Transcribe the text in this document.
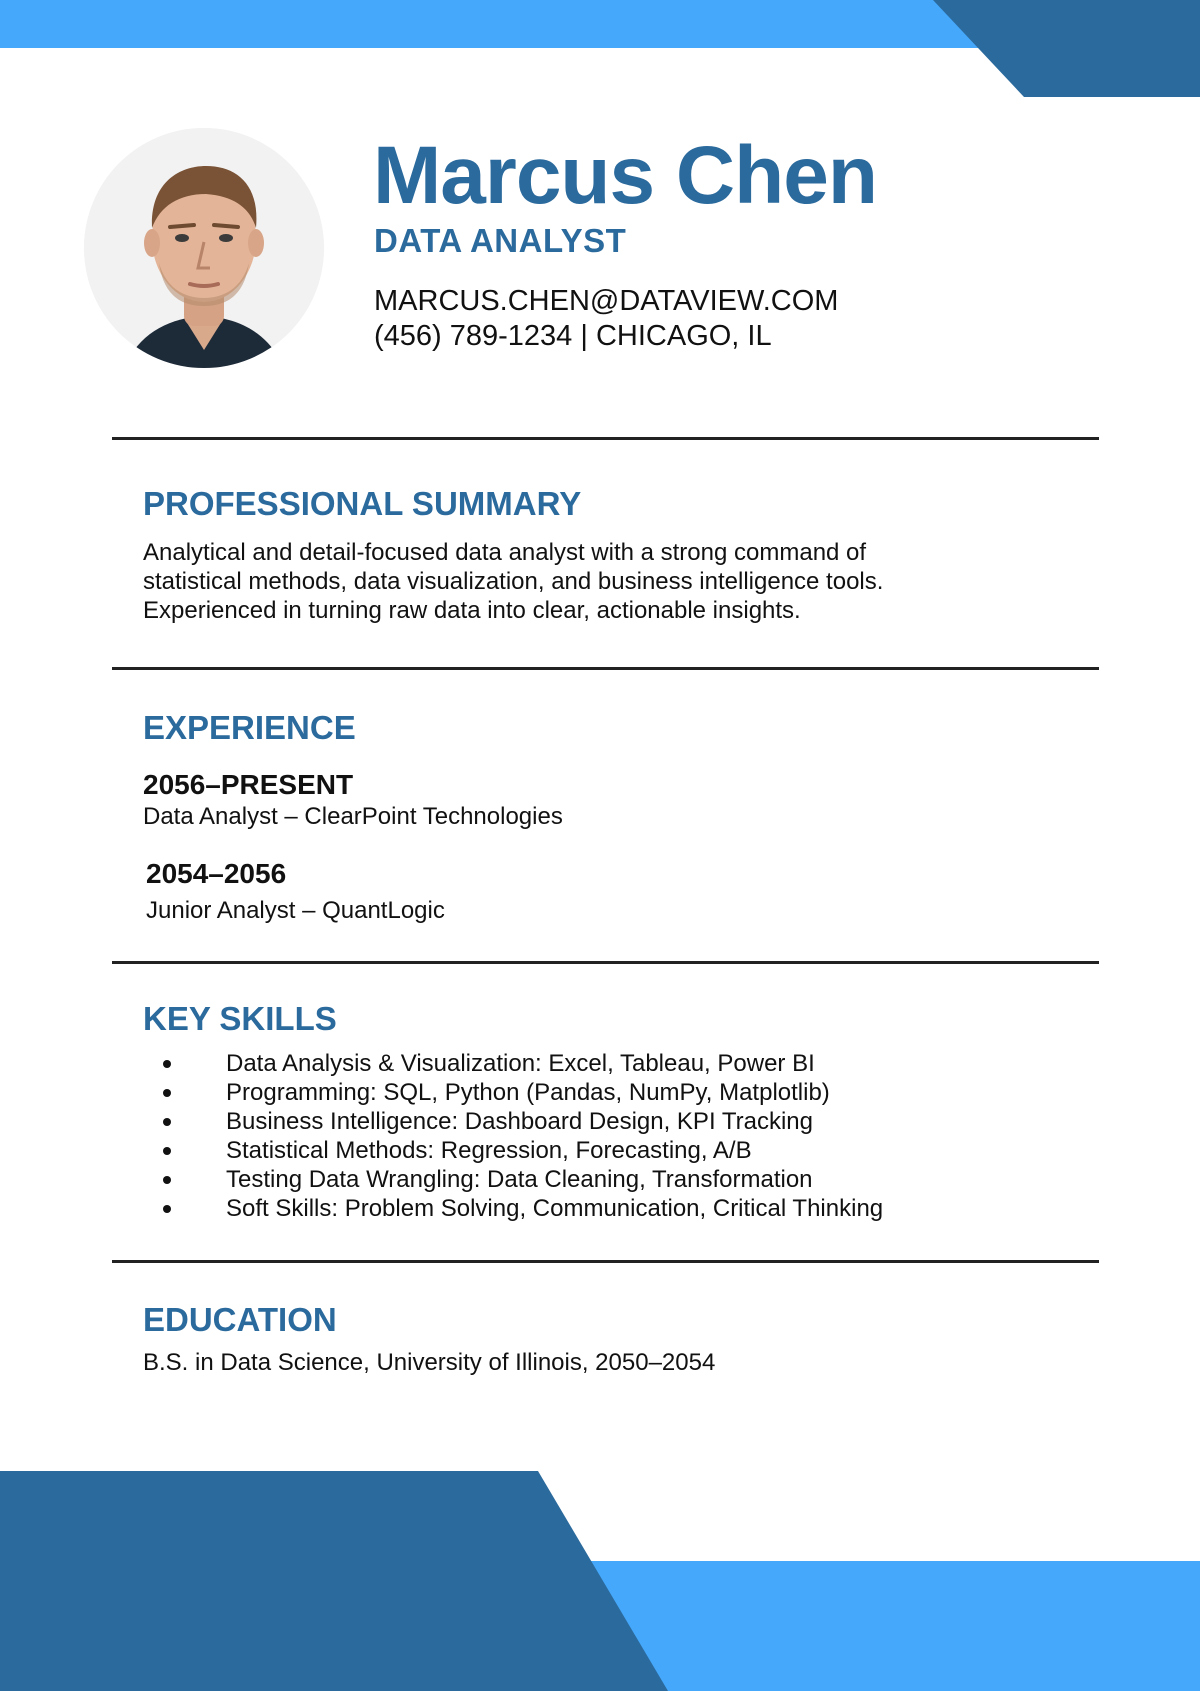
Marcus Chen
DATA ANALYST
MARCUS.CHEN@DATAVIEW.COM
(456) 789-1234 | CHICAGO, IL
PROFESSIONAL SUMMARY
Analytical and detail-focused data analyst with a strong command of
statistical methods, data visualization, and business intelligence tools.
Experienced in turning raw data into clear, actionable insights.
EXPERIENCE
2056–PRESENT
Data Analyst – ClearPoint Technologies
2054–2056
Junior Analyst – QuantLogic
KEY SKILLS
Data Analysis & Visualization: Excel, Tableau, Power BI
Programming: SQL, Python (Pandas, NumPy, Matplotlib)
Business Intelligence: Dashboard Design, KPI Tracking
Statistical Methods: Regression, Forecasting, A/B
Testing Data Wrangling: Data Cleaning, Transformation
Soft Skills: Problem Solving, Communication, Critical Thinking
EDUCATION
B.S. in Data Science, University of Illinois, 2050–2054
